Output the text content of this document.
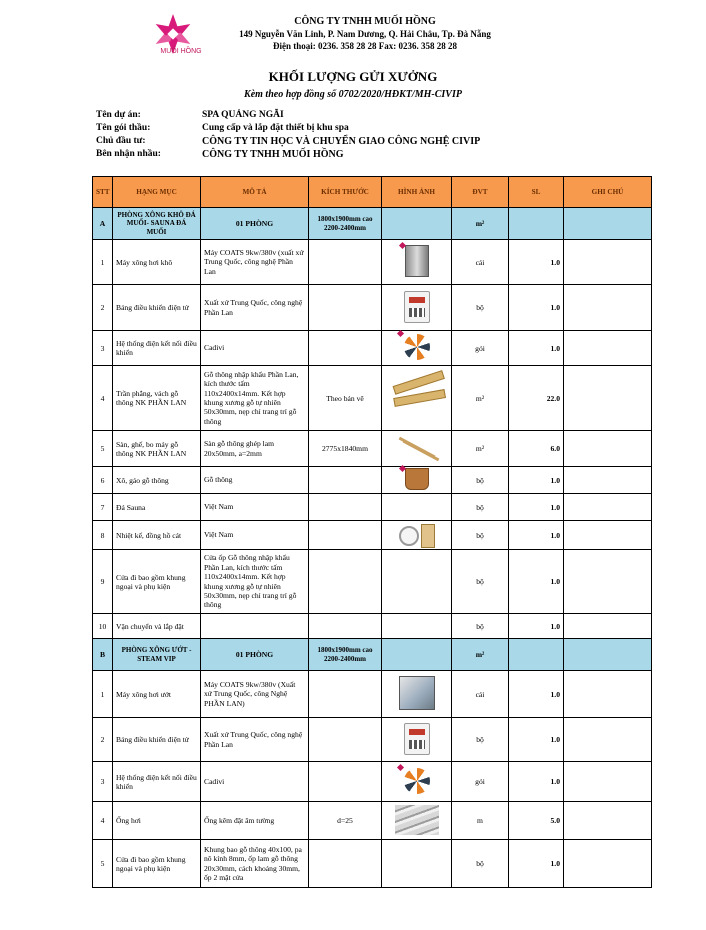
MUỐI HỒNG
CÔNG TY TNHH MUỐI HỒNG
149 Nguyễn Văn Linh, P. Nam Dương, Q. Hải Châu, Tp. Đà Nẵng
Điện thoại: 0236. 358 28 28 Fax: 0236. 358 28 28
KHỐI LƯỢNG GỬI XƯỞNG
Kèm theo hợp đồng số 0702/2020/HĐKT/MH-CIVIP
Tên dự án:	SPA QUẢNG NGÃI
Tên gói thầu:	Cung cấp và lắp đặt thiết bị khu spa
Chủ đầu tư:	CÔNG TY TIN HỌC VÀ CHUYỂN GIAO CÔNG NGHỆ CIVIP
Bên nhận nhầu:	CÔNG TY TNHH MUỐI HỒNG
STT	HẠNG MỤC	MÔ TẢ	KÍCH THƯỚC	HÌNH ẢNH	ĐVT	SL	GHI CHÚ
A	PHÒNG XÔNG KHÔ ĐÁ MUỐI- SAUNA ĐÁ MUỐI	01 PHÒNG	1800x1900mm cao 2200-2400mm		m²		
1	Máy xông hơi khô	Máy COATS 9kw/380v (xuất xứ Trung Quốc, công nghệ Phần Lan			cái	1.0	
2	Bảng điều khiển điện tử	Xuất xứ Trung Quốc, công nghệ Phần Lan			bộ	1.0	
3	Hệ thống điện kết nối điều khiển	Cadivi			gói	1.0	
4	Trần phẳng, vách gỗ thông NK PHẦN LAN	Gỗ thông nhập khẩu Phần Lan, kích thước tấm 110x2400x14mm. Kết hợp khung xương gỗ tự nhiên 50x30mm, nẹp chỉ trang trí gỗ thông	Theo bản vẽ		m²	22.0	
5	Sàn, ghế, bo máy gỗ thông NK PHẦN LAN	Sàn gỗ thông ghép lam 20x50mm, a=2mm	2775x1840mm		m²	6.0	
6	Xô, gáo gỗ thông	Gỗ thông			bộ	1.0	
7	Đá Sauna	Việt Nam			bộ	1.0	
8	Nhiệt kế, đồng hồ cát	Việt Nam			bộ	1.0	
9	Cửa đi bao gồm khung ngoại và phụ kiện	Cửa ốp Gỗ thông nhập khẩu Phần Lan, kích thước tấm 110x2400x14mm. Kết hợp khung xương gỗ tự nhiên 50x30mm, nẹp chỉ trang trí gỗ thông			bộ	1.0	
10	Vận chuyển và lắp đặt				bộ	1.0	
B	PHÒNG XÔNG ƯỚT - STEAM VIP	01 PHÒNG	1800x1900mm cao 2200-2400mm		m²		
1	Máy xông hơi ướt	Máy COATS 9kw/380v (Xuất xứ Trung Quốc, công Nghệ PHẦN LAN)			cái	1.0	
2	Bảng điều khiển điện tử	Xuất xứ Trung Quốc, công nghệ Phần Lan			bộ	1.0	
3	Hệ thống điện kết nối điều khiển	Cadivi			gói	1.0	
4	Ống hơi	Ống kẽm đặt âm tường	d=25		m	5.0	
5	Cửa đi bao gồm khung ngoại và phụ kiện	Khung bao gỗ thông 40x100, pa nô kính 8mm, ốp lam gỗ thông 20x30mm, cách khoảng 30mm, ốp 2 mặt cửa			bộ	1.0	
